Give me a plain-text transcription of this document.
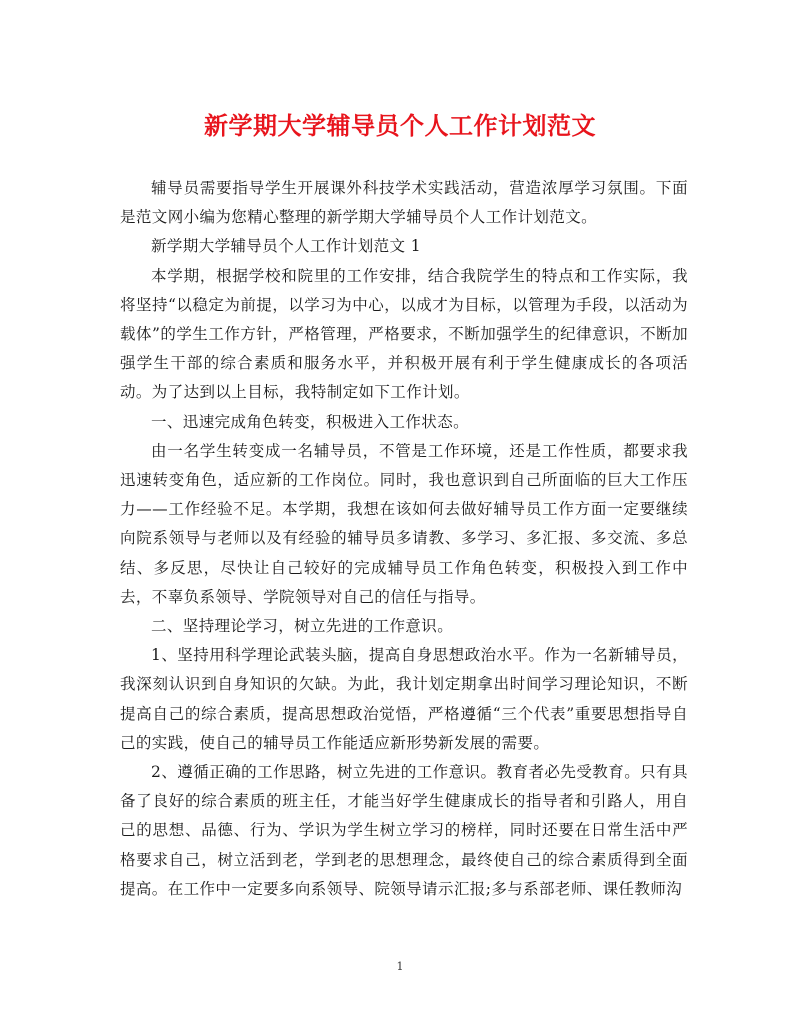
新学期大学辅导员个人工作计划范文

辅导员需要指导学生开展课外科技学术实践活动，营造浓厚学习氛围。下面是范文网小编为您精心整理的新学期大学辅导员个人工作计划范文。

新学期大学辅导员个人工作计划范文 1

本学期，根据学校和院里的工作安排，结合我院学生的特点和工作实际，我将坚持“以稳定为前提，以学习为中心，以成才为目标，以管理为手段，以活动为载体”的学生工作方针，严格管理，严格要求，不断加强学生的纪律意识，不断加强学生干部的综合素质和服务水平，并积极开展有利于学生健康成长的各项活动。为了达到以上目标，我特制定如下工作计划。

一、迅速完成角色转变，积极进入工作状态。

由一名学生转变成一名辅导员，不管是工作环境，还是工作性质，都要求我迅速转变角色，适应新的工作岗位。同时，我也意识到自己所面临的巨大工作压力——工作经验不足。本学期，我想在该如何去做好辅导员工作方面一定要继续向院系领导与老师以及有经验的辅导员多请教、多学习、多汇报、多交流、多总结、多反思，尽快让自己较好的完成辅导员工作角色转变，积极投入到工作中去，不辜负系领导、学院领导对自己的信任与指导。

二、坚持理论学习，树立先进的工作意识。

1、坚持用科学理论武装头脑，提高自身思想政治水平。作为一名新辅导员，我深刻认识到自身知识的欠缺。为此，我计划定期拿出时间学习理论知识，不断提高自己的综合素质，提高思想政治觉悟，严格遵循“三个代表”重要思想指导自己的实践，使自己的辅导员工作能适应新形势新发展的需要。

2、遵循正确的工作思路，树立先进的工作意识。教育者必先受教育。只有具备了良好的综合素质的班主任，才能当好学生健康成长的指导者和引路人，用自己的思想、品德、行为、学识为学生树立学习的榜样，同时还要在日常生活中严格要求自己，树立活到老，学到老的思想理念，最终使自己的综合素质得到全面提高。在工作中一定要多向系领导、院领导请示汇报;多与系部老师、课任教师沟

1
